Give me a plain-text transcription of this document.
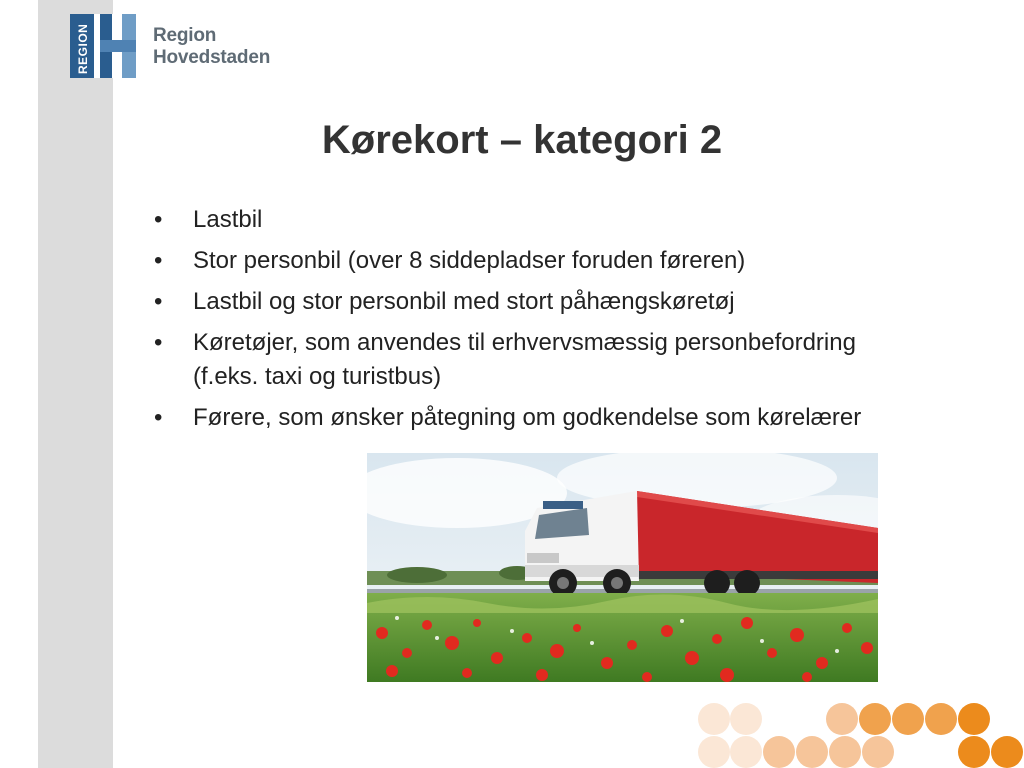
REGION	Region
Hovedstaden
Kørekort – kategori 2
• Lastbil
• Stor personbil (over 8 siddepladser foruden føreren)
• Lastbil og stor personbil med stort påhængskøretøj
• Køretøjer, som anvendes til erhvervsmæssig personbefordring (f.eks. taxi og turistbus)
• Førere, som ønsker påtegning om godkendelse som kørelærer
